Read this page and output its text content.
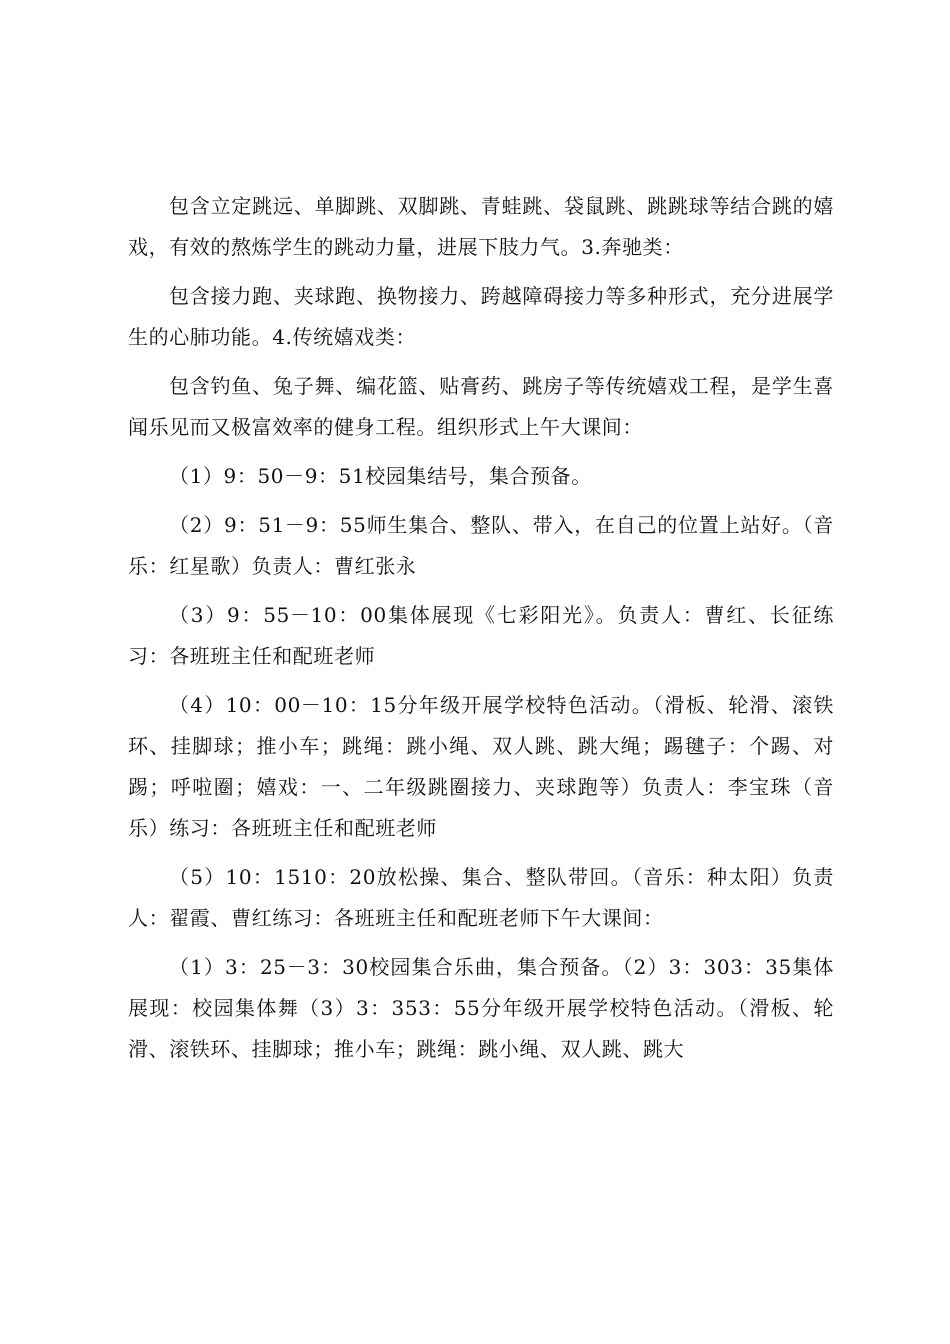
包含立定跳远、单脚跳、双脚跳、青蛙跳、袋鼠跳、跳跳球等结合跳的嬉戏，有效的熬炼学生的跳动力量，进展下肢力气。3.奔驰类：

包含接力跑、夹球跑、换物接力、跨越障碍接力等多种形式，充分进展学生的心肺功能。4.传统嬉戏类：

包含钓鱼、兔子舞、编花篮、贴膏药、跳房子等传统嬉戏工程，是学生喜闻乐见而又极富效率的健身工程。组织形式上午大课间：

（1）9：50－9：51校园集结号，集合预备。

（2）9：51－9：55师生集合、整队、带入，在自己的位置上站好。（音乐：红星歌）负责人：曹红张永

（3）9：55－10：00集体展现《七彩阳光》。负责人：曹红、长征练习：各班班主任和配班老师

（4）10：00－10：15分年级开展学校特色活动。（滑板、轮滑、滚铁环、挂脚球；推小车；跳绳：跳小绳、双人跳、跳大绳；踢毽子：个踢、对踢；呼啦圈；嬉戏：一、二年级跳圈接力、夹球跑等）负责人：李宝珠（音乐）练习：各班班主任和配班老师

（5）10：1510：20放松操、集合、整队带回。（音乐：种太阳）负责人：翟霞、曹红练习：各班班主任和配班老师下午大课间：

（1）3：25－3：30校园集合乐曲，集合预备。（2）3：303：35集体展现：校园集体舞（3）3：353：55分年级开展学校特色活动。（滑板、轮滑、滚铁环、挂脚球；推小车；跳绳：跳小绳、双人跳、跳大
